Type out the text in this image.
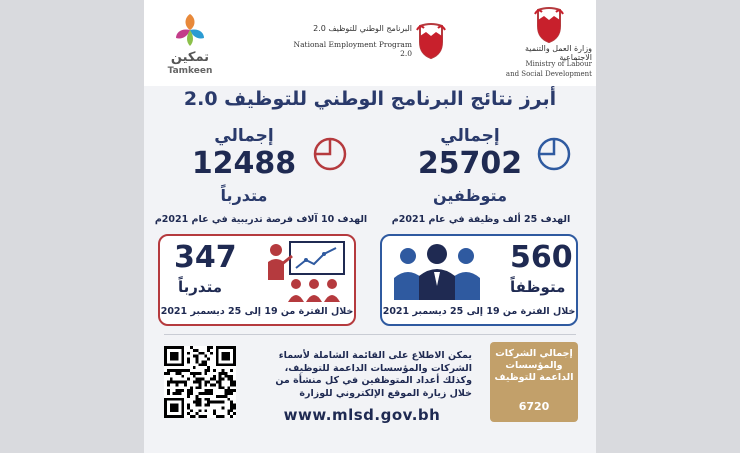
تمكين
Tamkeen
البرنامج الوطني للتوظيف 2.0
National Employment Program 2.0
وزارة العمل والتنمية الاجتماعية
Ministry of Labour
and Social Development
أبرز نتائج البرنامج الوطني للتوظيف 2.0
إجمالي
25702
متوظفين
الهدف 25 ألف وظيفة في عام 2021م
إجمالي
12488
متدرباً
الهدف 10 آلاف فرصة تدريبية في عام 2021م
347
متدرباً
خلال الفترة من 19 إلى 25 ديسمبر 2021
560
متوظفاً
خلال الفترة من 19 إلى 25 ديسمبر 2021
يمكن الاطلاع على القائمة الشاملة لأسماء
الشركات والمؤسسات الداعمة للتوظيف،
وكذلك أعداد المتوظفين في كل منشأة من
خلال زيارة الموقع الإلكتروني للوزارة
www.mlsd.gov.bh
إجمالي الشركات
والمؤسسات
الداعمة للتوظيف
6720
